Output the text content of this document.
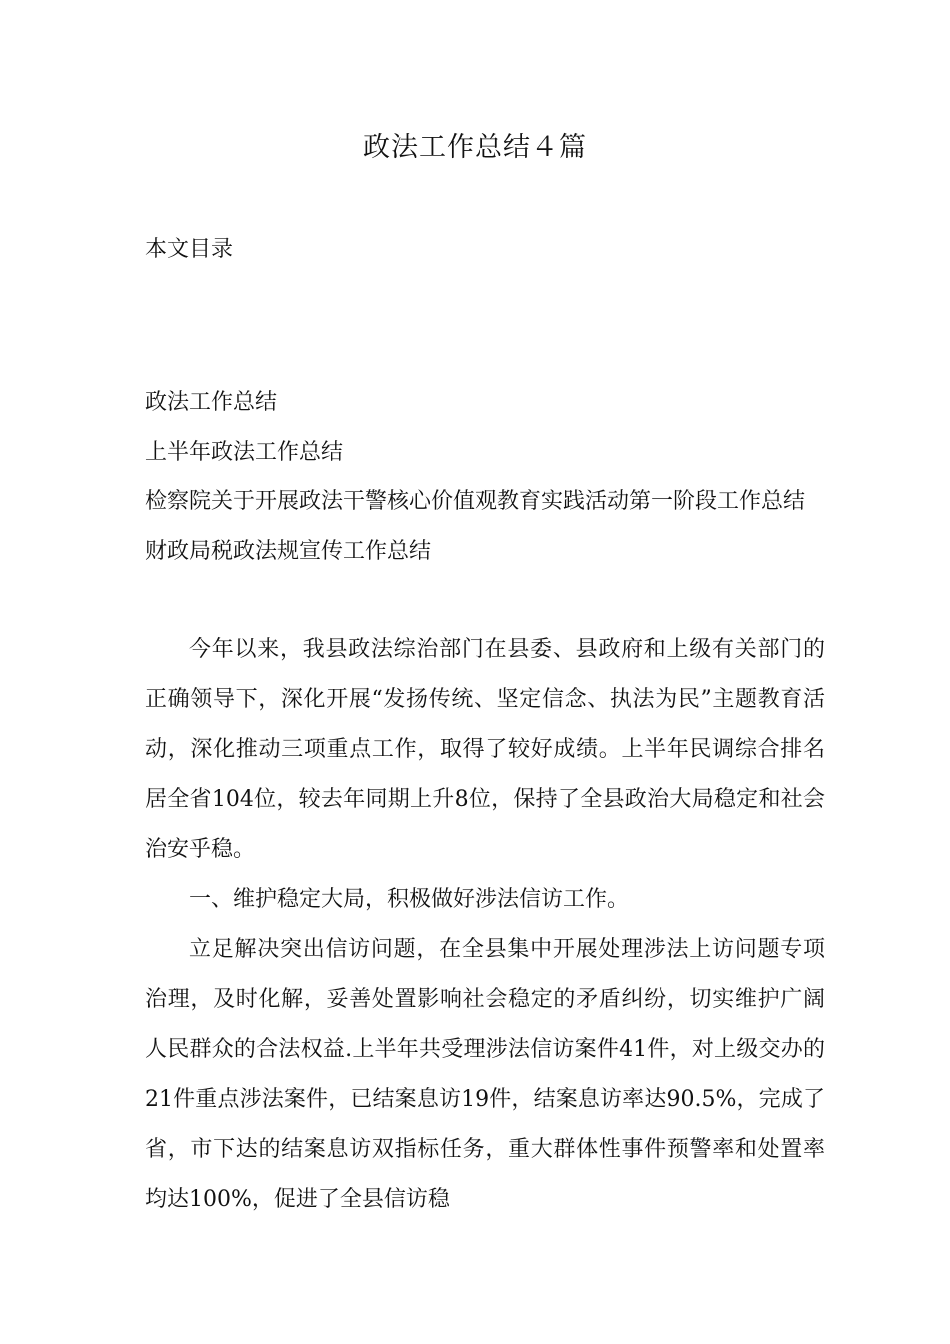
政法工作总结４篇
本文目录
政法工作总结
上半年政法工作总结
检察院关于开展政法干警核心价值观教育实践活动第一阶段工作总结
财政局税政法规宣传工作总结

今年以来，我县政法综治部门在县委、县政府和上级有关部门的正确领导下，深化开展“发扬传统、坚定信念、执法为民”主题教育活动，深化推动三项重点工作，取得了较好成绩。上半年民调综合排名居全省104位，较去年同期上升8位，保持了全县政治大局稳定和社会治安乎稳。

一、维护稳定大局，积极做好涉法信访工作。

立足解决突出信访问题，在全县集中开展处理涉法上访问题专项治理，及时化解，妥善处置影响社会稳定的矛盾纠纷，切实维护广阔人民群众的合法权益.上半年共受理涉法信访案件41件，对上级交办的21件重点涉法案件，已结案息访19件，结案息访率达90.5%，完成了省，市下达的结案息访双指标任务，重大群体性事件预警率和处置率均达100%，促进了全县信访稳
